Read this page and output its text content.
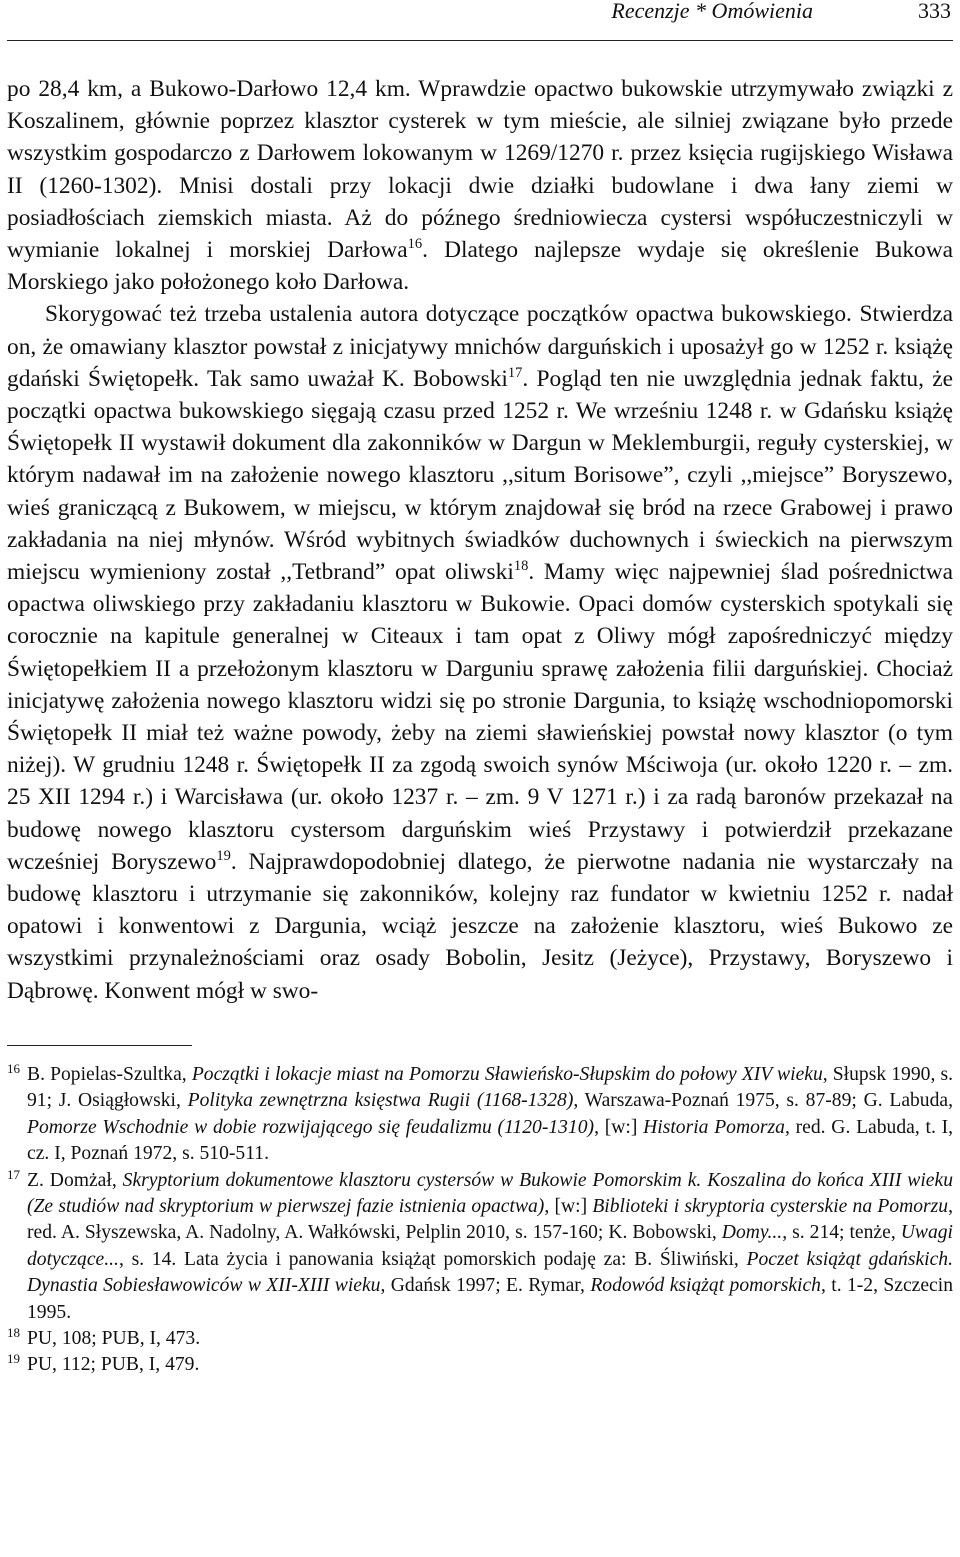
Recenzje * Omówienia	333

po 28,4 km, a Bukowo-Darłowo 12,4 km. Wprawdzie opactwo bukowskie utrzymywało związki z Koszalinem, głównie poprzez klasztor cysterek w tym mieście, ale silniej związane było przede wszystkim gospodarczo z Darłowem lokowanym w 1269/1270 r. przez księcia rugijskiego Wisława II (1260-1302). Mnisi dostali przy lokacji dwie działki budowlane i dwa łany ziemi w posiadłościach ziemskich miasta. Aż do późnego średniowiecza cystersi współuczestniczyli w wymianie lokalnej i morskiej Darłowa$^{16}$. Dlatego najlepsze wydaje się określenie Bukowa Morskiego jako położonego koło Darłowa.

Skorygować też trzeba ustalenia autora dotyczące początków opactwa bukowskiego. Stwierdza on, że omawiany klasztor powstał z inicjatywy mnichów darguńskich i uposażył go w 1252 r. książę gdański Świętopełk. Tak samo uważał K. Bobowski$^{17}$. Pogląd ten nie uwzględnia jednak faktu, że początki opactwa bukowskiego sięgają czasu przed 1252 r. We wrześniu 1248 r. w Gdańsku książę Świętopełk II wystawił dokument dla zakonników w Dargun w Meklemburgii, reguły cysterskiej, w którym nadawał im na założenie nowego klasztoru ,,situm Borisowe”, czyli ,,miejsce” Boryszewo, wieś graniczącą z Bukowem, w miejscu, w którym znajdował się bród na rzece Grabowej i prawo zakładania na niej młynów. Wśród wybitnych świadków duchownych i świeckich na pierwszym miejscu wymieniony został ,,Tetbrand” opat oliwski$^{18}$. Mamy więc najpewniej ślad pośrednictwa opactwa oliwskiego przy zakładaniu klasztoru w Bukowie. Opaci domów cysterskich spotykali się corocznie na kapitule generalnej w Citeaux i tam opat z Oliwy mógł zapośredniczyć między Świętopełkiem II a przełożonym klasztoru w Darguniu sprawę założenia filii darguńskiej. Chociaż inicjatywę założenia nowego klasztoru widzi się po stronie Dargunia, to książę wschodniopomorski Świętopełk II miał też ważne powody, żeby na ziemi sławieńskiej powstał nowy klasztor (o tym niżej). W grudniu 1248 r. Świętopełk II za zgodą swoich synów Mściwoja (ur. około 1220 r. – zm. 25 XII 1294 r.) i Warcisława (ur. około 1237 r. – zm. 9 V 1271 r.) i za radą baronów przekazał na budowę nowego klasztoru cystersom darguńskim wieś Przystawy i potwierdził przekazane wcześniej Boryszewo$^{19}$. Najprawdopodobniej dlatego, że pierwotne nadania nie wystarczały na budowę klasztoru i utrzymanie się zakonników, kolejny raz fundator w kwietniu 1252 r. nadał opatowi i konwentowi z Dargunia, wciąż jeszcze na założenie klasztoru, wieś Bukowo ze wszystkimi przynależnościami oraz osady Bobolin, Jesitz (Jeżyce), Przystawy, Boryszewo i Dąbrowę. Konwent mógł w swo-

16 B. Popielas-Szultka, Początki i lokacje miast na Pomorzu Sławieńsko-Słupskim do połowy XIV wieku, Słupsk 1990, s. 91; J. Osiągłowski, Polityka zewnętrzna księstwa Rugii (1168-1328), Warszawa-Poznań 1975, s. 87-89; G. Labuda, Pomorze Wschodnie w dobie rozwijającego się feudalizmu (1120-1310), [w:] Historia Pomorza, red. G. Labuda, t. I, cz. I, Poznań 1972, s. 510-511.

17 Z. Domżał, Skryptorium dokumentowe klasztoru cystersów w Bukowie Pomorskim k. Koszalina do końca XIII wieku (Ze studiów nad skryptorium w pierwszej fazie istnienia opactwa), [w:] Biblioteki i skryptoria cysterskie na Pomorzu, red. A. Słyszewska, A. Nadolny, A. Wałkówski, Pelplin 2010, s. 157-160; K. Bobowski, Domy..., s. 214; tenże, Uwagi dotyczące..., s. 14. Lata życia i panowania książąt pomorskich podaję za: B. Śliwiński, Poczet książąt gdańskich. Dynastia Sobiesławowiców w XII-XIII wieku, Gdańsk 1997; E. Rymar, Rodowód książąt pomorskich, t. 1-2, Szczecin 1995.

18 PU, 108; PUB, I, 473.

19 PU, 112; PUB, I, 479.
